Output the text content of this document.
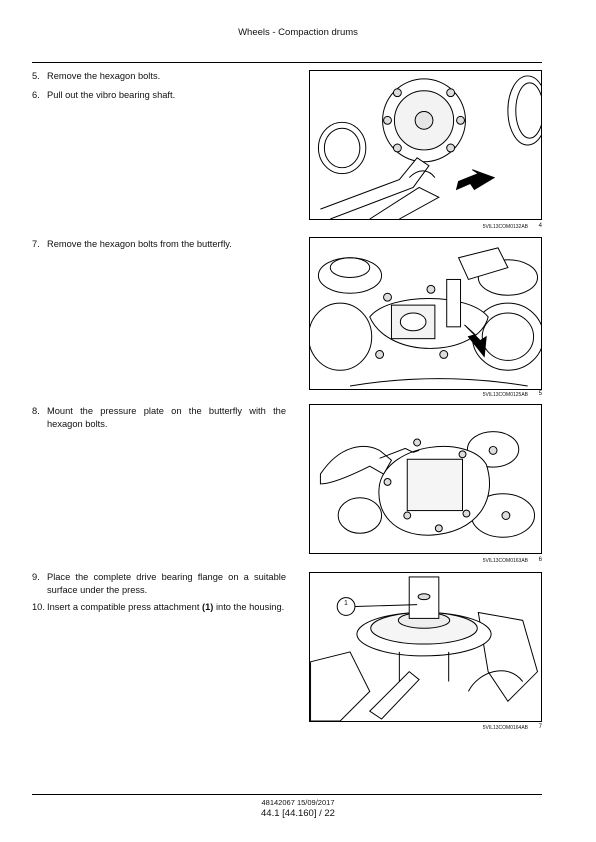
Wheels - Compaction drums
5. Remove the hexagon bolts.
6. Pull out the vibro bearing shaft.
7. Remove the hexagon bolts from the butterfly.
8. Mount the pressure plate on the butterfly with the hexagon bolts.
9. Place the complete drive bearing flange on a suitable surface under the press.
10. Insert a compatible press attachment (1) into the housing.
5VIL13COM0132AB 4
5VIL13COM0125AB 5
5VIL13COM0163AB 6
1
5VIL13COM0164AB 7
48142067 15/09/2017
44.1 [44.160] / 22
